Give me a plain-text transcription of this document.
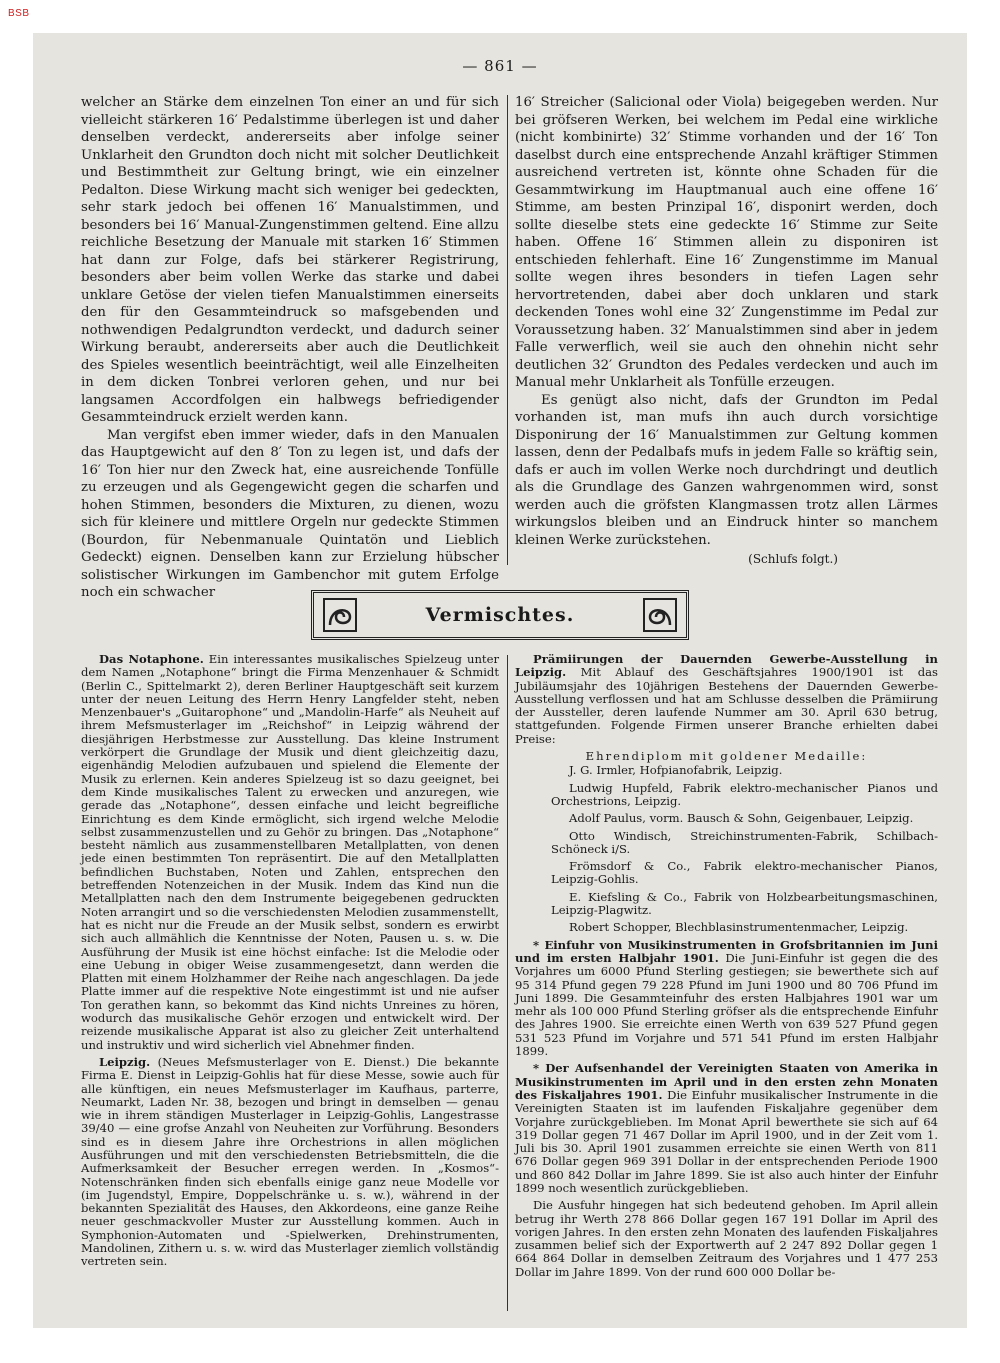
BSB
— 861 —

welcher an Stärke dem einzelnen Ton einer an und für sich vielleicht stärkeren 16′ Pedalstimme überlegen ist und daher denselben verdeckt, andererseits aber infolge seiner Unklarheit den Grundton doch nicht mit solcher Deutlichkeit und Bestimmtheit zur Geltung bringt, wie ein einzelner Pedalton. Diese Wirkung macht sich weniger bei gedeckten, sehr stark jedoch bei offenen 16′ Manualstimmen, und besonders bei 16′ Manual-Zungenstimmen geltend. Eine allzu reichliche Besetzung der Manuale mit starken 16′ Stimmen hat dann zur Folge, dafs bei stärkerer Registrirung, besonders aber beim vollen Werke das starke und dabei unklare Getöse der vielen tiefen Manualstimmen einerseits den für den Gesammteindruck so mafsgebenden und nothwendigen Pedalgrundton verdeckt, und dadurch seiner Wirkung beraubt, andererseits aber auch die Deutlichkeit des Spieles wesentlich beeinträchtigt, weil alle Einzelheiten in dem dicken Tonbrei verloren gehen, und nur bei langsamen Accordfolgen ein halbwegs befriedigender Gesammteindruck erzielt werden kann.

Man vergifst eben immer wieder, dafs in den Manualen das Hauptgewicht auf den 8′ Ton zu legen ist, und dafs der 16′ Ton hier nur den Zweck hat, eine ausreichende Tonfülle zu erzeugen und als Gegengewicht gegen die scharfen und hohen Stimmen, besonders die Mixturen, zu dienen, wozu sich für kleinere und mittlere Orgeln nur gedeckte Stimmen (Bourdon, für Nebenmanuale Quintatön und Lieblich Gedeckt) eignen. Denselben kann zur Erzielung hübscher solistischer Wirkungen im Gambenchor mit gutem Erfolge noch ein schwacher

16′ Streicher (Salicional oder Viola) beigegeben werden. Nur bei gröfseren Werken, bei welchem im Pedal eine wirkliche (nicht kombinirte) 32′ Stimme vorhanden und der 16′ Ton daselbst durch eine entsprechende Anzahl kräftiger Stimmen ausreichend vertreten ist, könnte ohne Schaden für die Gesammtwirkung im Hauptmanual auch eine offene 16′ Stimme, am besten Prinzipal 16′, disponirt werden, doch sollte dieselbe stets eine gedeckte 16′ Stimme zur Seite haben. Offene 16′ Stimmen allein zu disponiren ist entschieden fehlerhaft. Eine 16′ Zungenstimme im Manual sollte wegen ihres besonders in tiefen Lagen sehr hervortretenden, dabei aber doch unklaren und stark deckenden Tones wohl eine 32′ Zungenstimme im Pedal zur Voraussetzung haben. 32′ Manualstimmen sind aber in jedem Falle verwerflich, weil sie auch den ohnehin nicht sehr deutlichen 32′ Grundton des Pedales verdecken und auch im Manual mehr Unklarheit als Tonfülle erzeugen.

Es genügt also nicht, dafs der Grundton im Pedal vorhanden ist, man mufs ihn auch durch vorsichtige Disponirung der 16′ Manualstimmen zur Geltung kommen lassen, denn der Pedalbafs mufs in jedem Falle so kräftig sein, dafs er auch im vollen Werke noch durchdringt und deutlich als die Grundlage des Ganzen wahrgenommen wird, sonst werden auch die gröfsten Klangmassen trotz allen Lärmes wirkungslos bleiben und an Eindruck hinter so manchem kleinen Werke zurückstehen.

(Schlufs folgt.)
Vermischtes.

Das Notaphone. Ein interessantes musikalisches Spielzeug unter dem Namen „Notaphone“ bringt die Firma Menzenhauer & Schmidt (Berlin C., Spittelmarkt 2), deren Berliner Hauptgeschäft seit kurzem unter der neuen Leitung des Herrn Henry Langfelder steht, neben Menzenbauer's „Guitarophone“ und „Mandolin-Harfe“ als Neuheit auf ihrem Mefsmusterlager im „Reichshof“ in Leipzig während der diesjährigen Herbstmesse zur Ausstellung. Das kleine Instrument verkörpert die Grundlage der Musik und dient gleichzeitig dazu, eigenhändig Melodien aufzubauen und spielend die Elemente der Musik zu erlernen. Kein anderes Spielzeug ist so dazu geeignet, bei dem Kinde musikalisches Talent zu erwecken und anzuregen, wie gerade das „Notaphone“, dessen einfache und leicht begreifliche Einrichtung es dem Kinde ermöglicht, sich irgend welche Melodie selbst zusammenzustellen und zu Gehör zu bringen. Das „Notaphone“ besteht nämlich aus zusammenstellbaren Metallplatten, von denen jede einen bestimmten Ton repräsentirt. Die auf den Metallplatten befindlichen Buchstaben, Noten und Zahlen, entsprechen den betreffenden Notenzeichen in der Musik. Indem das Kind nun die Metallplatten nach den dem Instrumente beigegebenen gedruckten Noten arrangirt und so die verschiedensten Melodien zusammenstellt, hat es nicht nur die Freude an der Musik selbst, sondern es erwirbt sich auch allmählich die Kenntnisse der Noten, Pausen u. s. w. Die Ausführung der Musik ist eine höchst einfache: Ist die Melodie oder eine Uebung in obiger Weise zusammengesetzt, dann werden die Platten mit einem Holzhammer der Reihe nach angeschlagen. Da jede Platte immer auf die respektive Note eingestimmt ist und nie aufser Ton gerathen kann, so bekommt das Kind nichts Unreines zu hören, wodurch das musikalische Gehör erzogen und entwickelt wird. Der reizende musikalische Apparat ist also zu gleicher Zeit unterhaltend und instruktiv und wird sicherlich viel Abnehmer finden.

Leipzig. (Neues Mefsmusterlager von E. Dienst.) Die bekannte Firma E. Dienst in Leipzig-Gohlis hat für diese Messe, sowie auch für alle künftigen, ein neues Mefsmusterlager im Kaufhaus, parterre, Neumarkt, Laden Nr. 38, bezogen und bringt in demselben — genau wie in ihrem ständigen Musterlager in Leipzig-Gohlis, Langestrasse 39/40 — eine grofse Anzahl von Neuheiten zur Vorführung. Besonders sind es in diesem Jahre ihre Orchestrions in allen möglichen Ausführungen und mit den verschiedensten Betriebsmitteln, die die Aufmerksamkeit der Besucher erregen werden. In „Kosmos“-Notenschränken finden sich ebenfalls einige ganz neue Modelle vor (im Jugendstyl, Empire, Doppelschränke u. s. w.), während in der bekannten Spezialität des Hauses, den Akkordeons, eine ganze Reihe neuer geschmackvoller Muster zur Ausstellung kommen. Auch in Symphonion-Automaten und -Spielwerken, Drehinstrumenten, Mandolinen, Zithern u. s. w. wird das Musterlager ziemlich vollständig vertreten sein.

Prämiirungen der Dauernden Gewerbe-Ausstellung in Leipzig. Mit Ablauf des Geschäftsjahres 1900/1901 ist das Jubiläumsjahr des 10jährigen Bestehens der Dauernden Gewerbe-Ausstellung verflossen und hat am Schlusse desselben die Prämiirung der Aussteller, deren laufende Nummer am 30. April 630 betrug, stattgefunden. Folgende Firmen unserer Branche erhielten dabei Preise:

Ehrendiplom mit goldener Medaille:

J. G. Irmler, Hofpianofabrik, Leipzig.

Ludwig Hupfeld, Fabrik elektro-mechanischer Pianos und Orchestrions, Leipzig.

Adolf Paulus, vorm. Bausch & Sohn, Geigenbauer, Leipzig.

Otto Windisch, Streichinstrumenten-Fabrik, Schilbach-Schöneck i/S.

Frömsdorf & Co., Fabrik elektro-mechanischer Pianos, Leipzig-Gohlis.

E. Kiefsling & Co., Fabrik von Holzbearbeitungsmaschinen, Leipzig-Plagwitz.

Robert Schopper, Blechblasinstrumentenmacher, Leipzig.

* Einfuhr von Musikinstrumenten in Grofsbritannien im Juni und im ersten Halbjahr 1901. Die Juni-Einfuhr ist gegen die des Vorjahres um 6000 Pfund Sterling gestiegen; sie bewerthete sich auf 95 314 Pfund gegen 79 228 Pfund im Juni 1900 und 80 706 Pfund im Juni 1899. Die Gesammteinfuhr des ersten Halbjahres 1901 war um mehr als 100 000 Pfund Sterling gröfser als die entsprechende Einfuhr des Jahres 1900. Sie erreichte einen Werth von 639 527 Pfund gegen 531 523 Pfund im Vorjahre und 571 541 Pfund im ersten Halbjahr 1899.

* Der Aufsenhandel der Vereinigten Staaten von Amerika in Musikinstrumenten im April und in den ersten zehn Monaten des Fiskaljahres 1901. Die Einfuhr musikalischer Instrumente in die Vereinigten Staaten ist im laufenden Fiskaljahre gegenüber dem Vorjahre zurückgeblieben. Im Monat April bewerthete sie sich auf 64 319 Dollar gegen 71 467 Dollar im April 1900, und in der Zeit vom 1. Juli bis 30. April 1901 zusammen erreichte sie einen Werth von 811 676 Dollar gegen 969 391 Dollar in der entsprechenden Periode 1900 und 860 842 Dollar im Jahre 1899. Sie ist also auch hinter der Einfuhr 1899 noch wesentlich zurückgeblieben.

Die Ausfuhr hingegen hat sich bedeutend gehoben. Im April allein betrug ihr Werth 278 866 Dollar gegen 167 191 Dollar im April des vorigen Jahres. In den ersten zehn Monaten des laufenden Fiskaljahres zusammen belief sich der Exportwerth auf 2 247 892 Dollar gegen 1 664 864 Dollar in demselben Zeitraum des Vorjahres und 1 477 253 Dollar im Jahre 1899. Von der rund 600 000 Dollar be-
